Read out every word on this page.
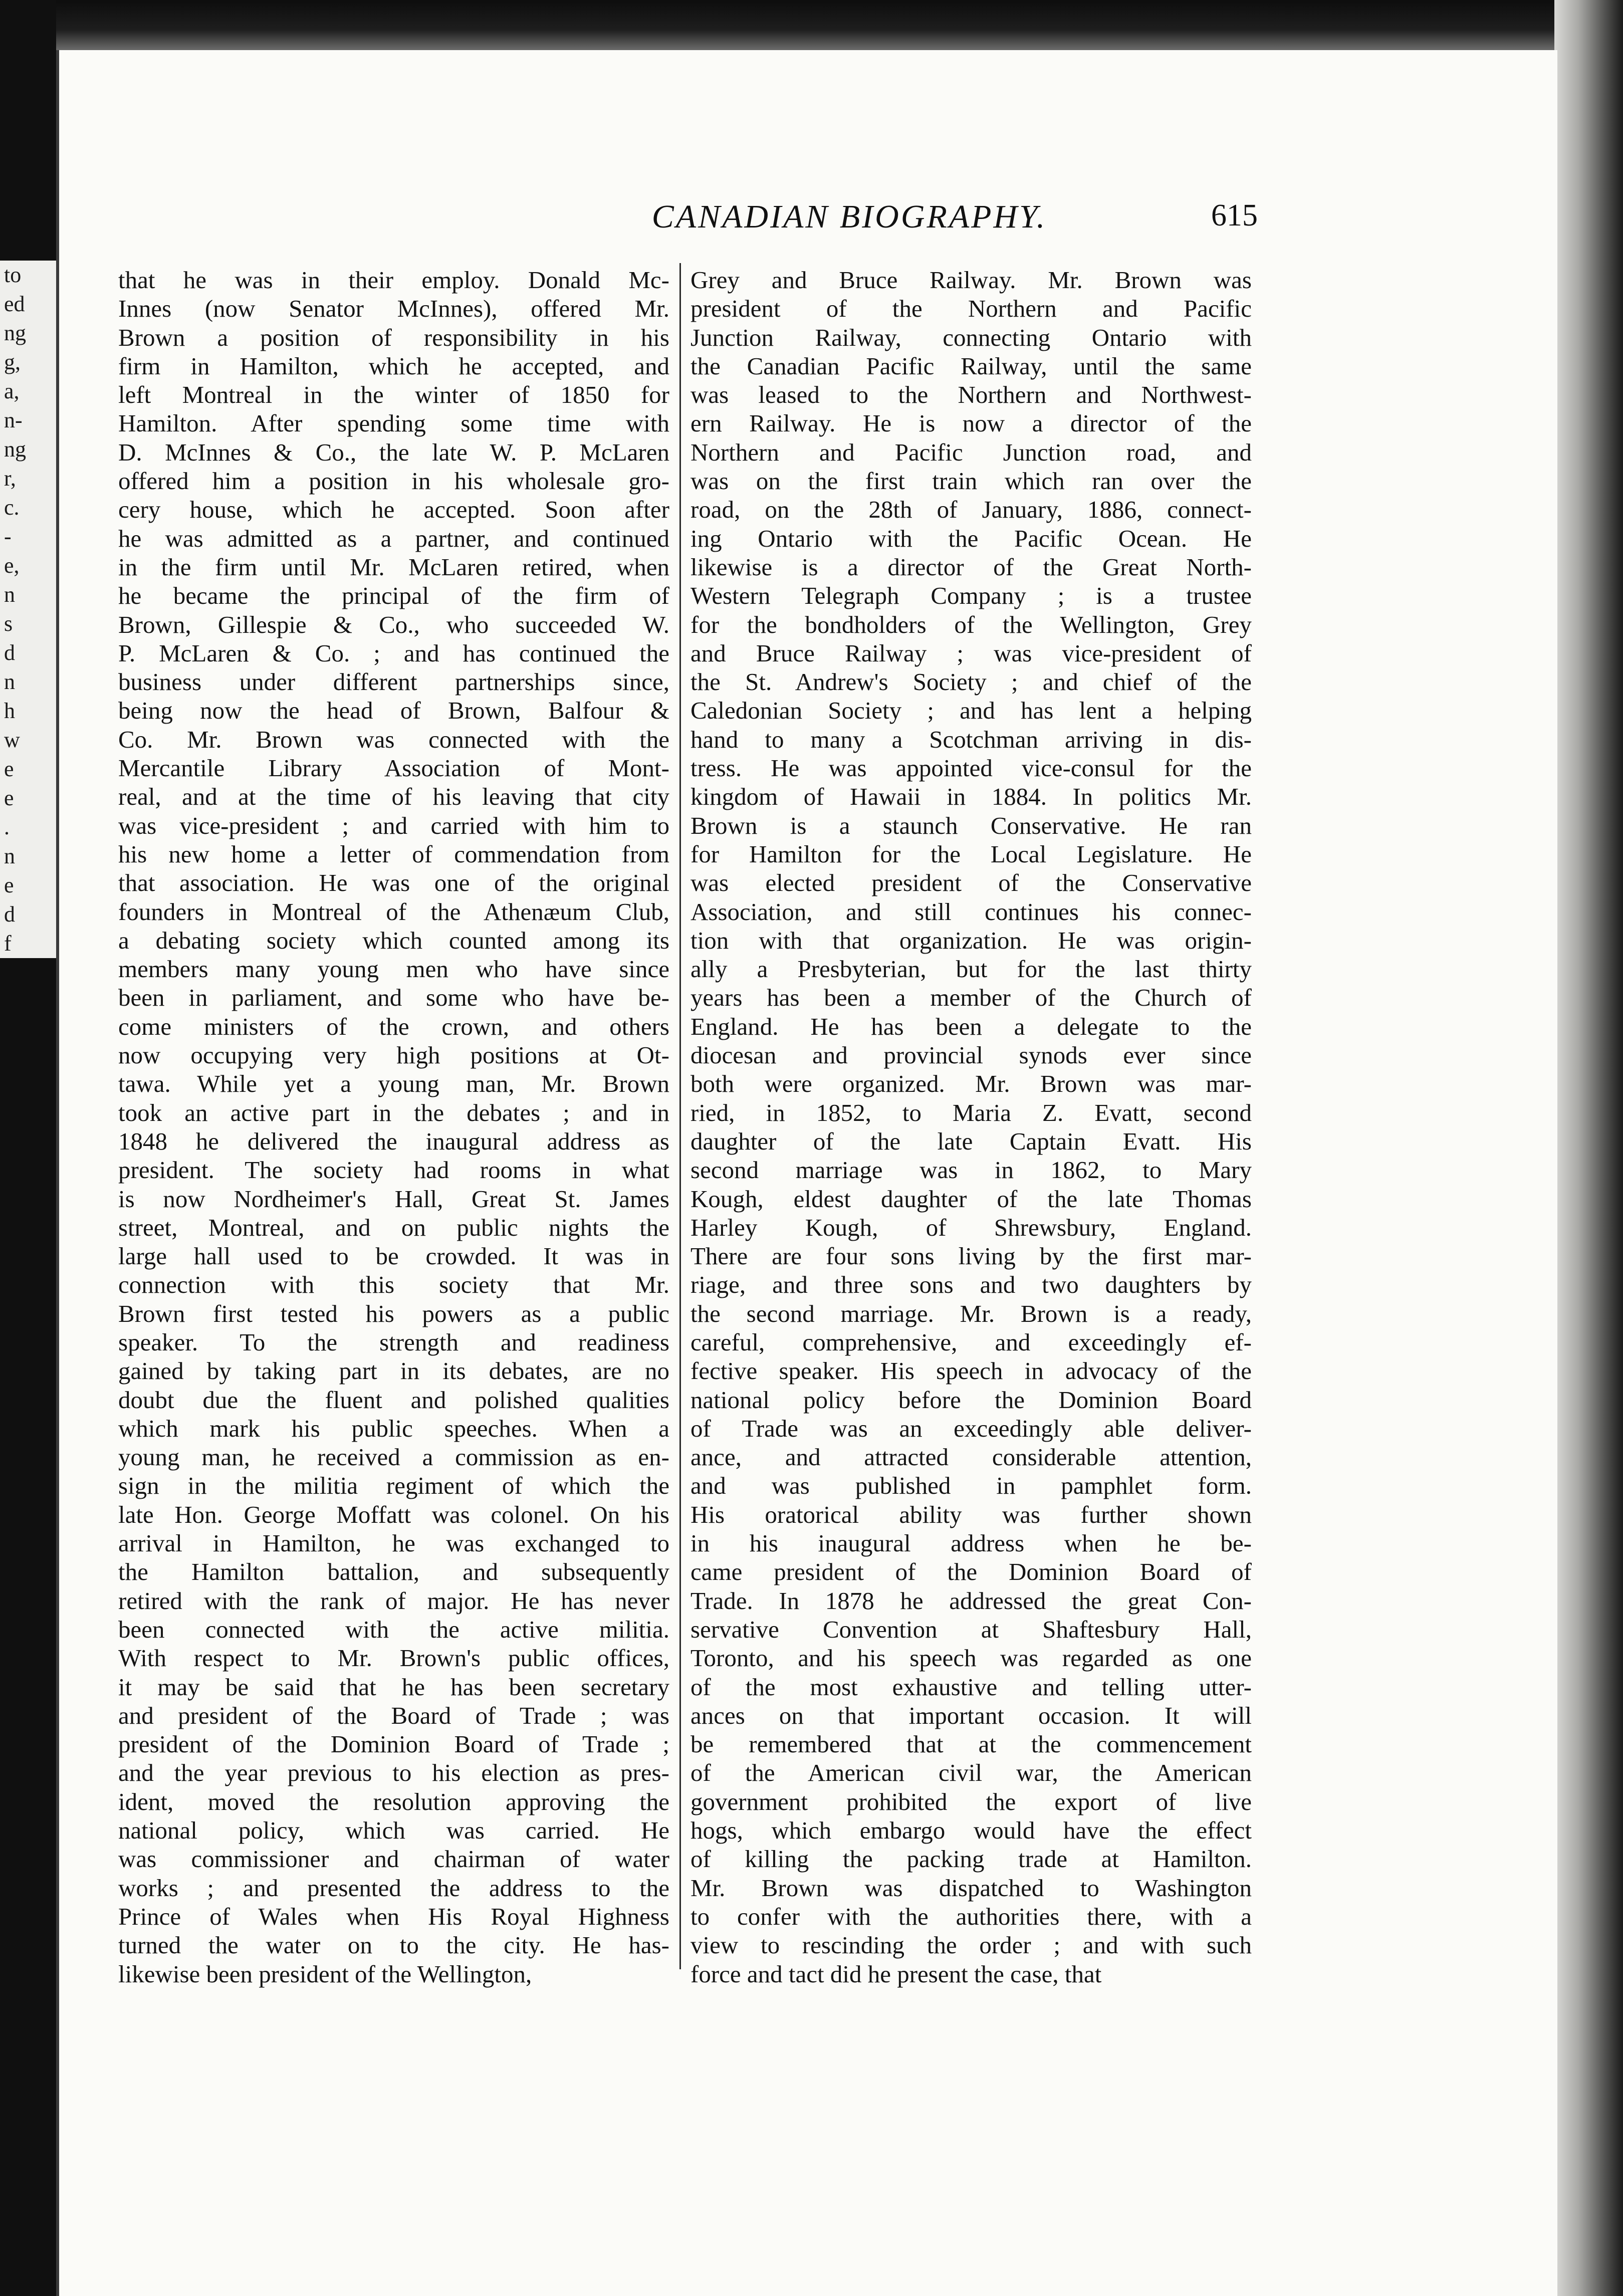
to
ed
ng
g,
a,
n-
ng
r,
c.
-
e,
n
s
d
n
h
w
e
e
.
n
e
d
f
CANADIAN BIOGRAPHY.	615
that he was in their employ. Donald Mc-
Innes (now Senator McInnes), offered Mr.
Brown a position of responsibility in his
firm in Hamilton, which he accepted, and
left Montreal in the winter of 1850 for
Hamilton. After spending some time with
D. McInnes & Co., the late W. P. McLaren
offered him a position in his wholesale gro-
cery house, which he accepted. Soon after
he was admitted as a partner, and continued
in the firm until Mr. McLaren retired, when
he became the principal of the firm of
Brown, Gillespie & Co., who succeeded W.
P. McLaren & Co. ; and has continued the
business under different partnerships since,
being now the head of Brown, Balfour &
Co. Mr. Brown was connected with the
Mercantile Library Association of Mont-
real, and at the time of his leaving that city
was vice-president ; and carried with him to
his new home a letter of commendation from
that association. He was one of the original
founders in Montreal of the Athenæum Club,
a debating society which counted among its
members many young men who have since
been in parliament, and some who have be-
come ministers of the crown, and others
now occupying very high positions at Ot-
tawa. While yet a young man, Mr. Brown
took an active part in the debates ; and in
1848 he delivered the inaugural address as
president. The society had rooms in what
is now Nordheimer's Hall, Great St. James
street, Montreal, and on public nights the
large hall used to be crowded. It was in
connection with this society that Mr.
Brown first tested his powers as a public
speaker. To the strength and readiness
gained by taking part in its debates, are no
doubt due the fluent and polished qualities
which mark his public speeches. When a
young man, he received a commission as en-
sign in the militia regiment of which the
late Hon. George Moffatt was colonel. On his
arrival in Hamilton, he was exchanged to
the Hamilton battalion, and subsequently
retired with the rank of major. He has never
been connected with the active militia.
With respect to Mr. Brown's public offices,
it may be said that he has been secretary
and president of the Board of Trade ; was
president of the Dominion Board of Trade ;
and the year previous to his election as pres-
ident, moved the resolution approving the
national policy, which was carried. He
was commissioner and chairman of water
works ; and presented the address to the
Prince of Wales when His Royal Highness
turned the water on to the city. He has-
likewise been president of the Wellington,
Grey and Bruce Railway. Mr. Brown was
president of the Northern and Pacific
Junction Railway, connecting Ontario with
the Canadian Pacific Railway, until the same
was leased to the Northern and Northwest-
ern Railway. He is now a director of the
Northern and Pacific Junction road, and
was on the first train which ran over the
road, on the 28th of January, 1886, connect-
ing Ontario with the Pacific Ocean. He
likewise is a director of the Great North-
Western Telegraph Company ; is a trustee
for the bondholders of the Wellington, Grey
and Bruce Railway ; was vice-president of
the St. Andrew's Society ; and chief of the
Caledonian Society ; and has lent a helping
hand to many a Scotchman arriving in dis-
tress. He was appointed vice-consul for the
kingdom of Hawaii in 1884. In politics Mr.
Brown is a staunch Conservative. He ran
for Hamilton for the Local Legislature. He
was elected president of the Conservative
Association, and still continues his connec-
tion with that organization. He was origin-
ally a Presbyterian, but for the last thirty
years has been a member of the Church of
England. He has been a delegate to the
diocesan and provincial synods ever since
both were organized. Mr. Brown was mar-
ried, in 1852, to Maria Z. Evatt, second
daughter of the late Captain Evatt. His
second marriage was in 1862, to Mary
Kough, eldest daughter of the late Thomas
Harley Kough, of Shrewsbury, England.
There are four sons living by the first mar-
riage, and three sons and two daughters by
the second marriage. Mr. Brown is a ready,
careful, comprehensive, and exceedingly ef-
fective speaker. His speech in advocacy of the
national policy before the Dominion Board
of Trade was an exceedingly able deliver-
ance, and attracted considerable attention,
and was published in pamphlet form.
His oratorical ability was further shown
in his inaugural address when he be-
came president of the Dominion Board of
Trade. In 1878 he addressed the great Con-
servative Convention at Shaftesbury Hall,
Toronto, and his speech was regarded as one
of the most exhaustive and telling utter-
ances on that important occasion. It will
be remembered that at the commencement
of the American civil war, the American
government prohibited the export of live
hogs, which embargo would have the effect
of killing the packing trade at Hamilton.
Mr. Brown was dispatched to Washington
to confer with the authorities there, with a
view to rescinding the order ; and with such
force and tact did he present the case, that
